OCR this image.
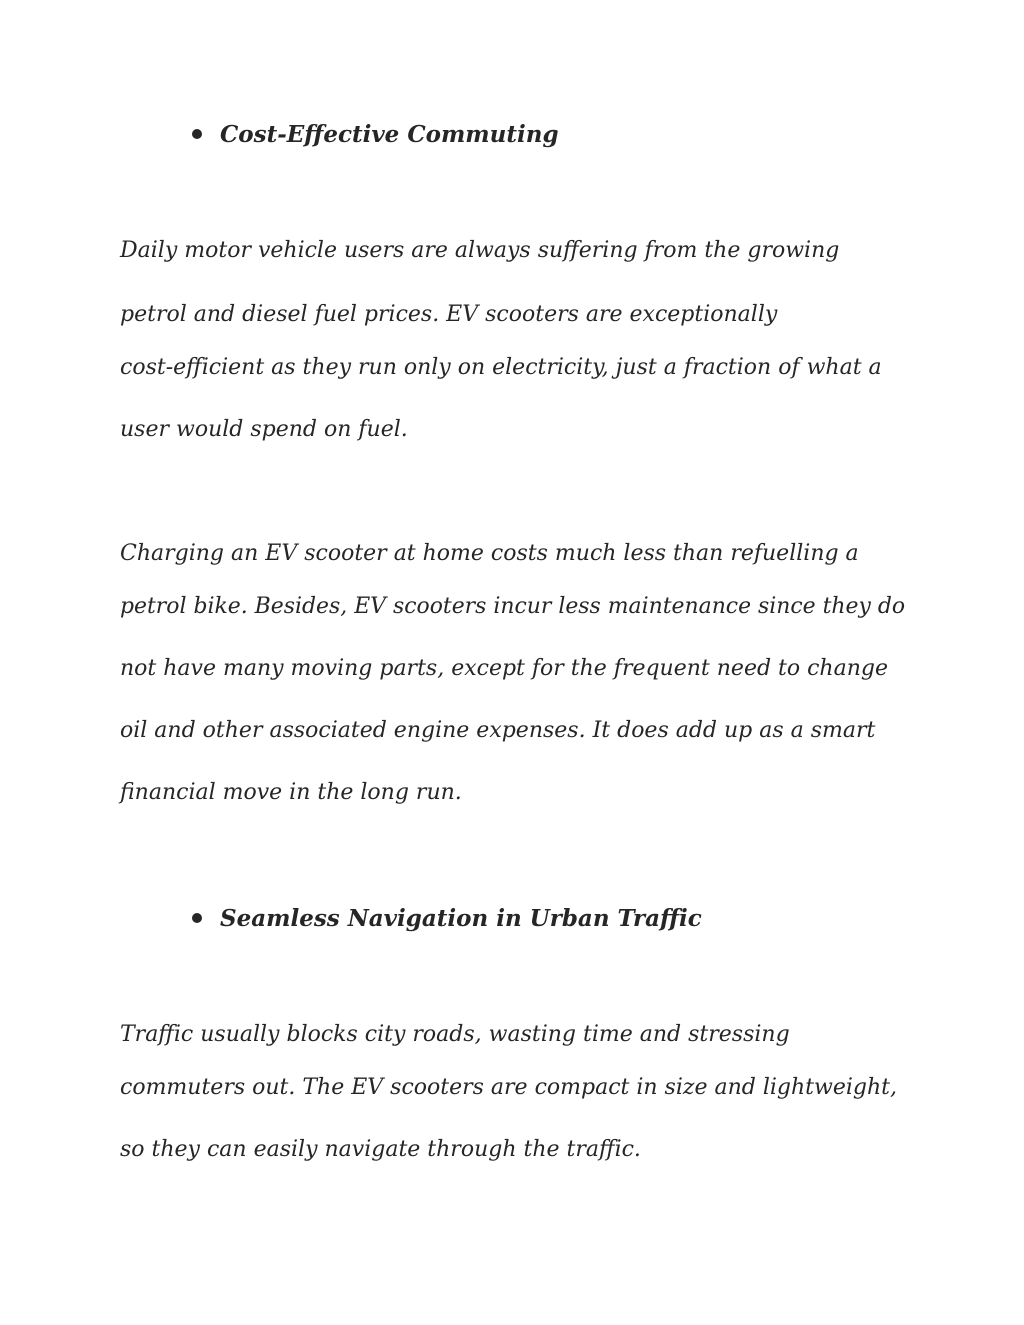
Cost-Effective Commuting
Daily motor vehicle users are always suffering from the growing
petrol and diesel fuel prices. EV scooters are exceptionally
cost-efficient as they run only on electricity, just a fraction of what a
user would spend on fuel.
Charging an EV scooter at home costs much less than refuelling a
petrol bike. Besides, EV scooters incur less maintenance since they do
not have many moving parts, except for the frequent need to change
oil and other associated engine expenses. It does add up as a smart
financial move in the long run.
Seamless Navigation in Urban Traffic
Traffic usually blocks city roads, wasting time and stressing
commuters out. The EV scooters are compact in size and lightweight,
so they can easily navigate through the traffic.
